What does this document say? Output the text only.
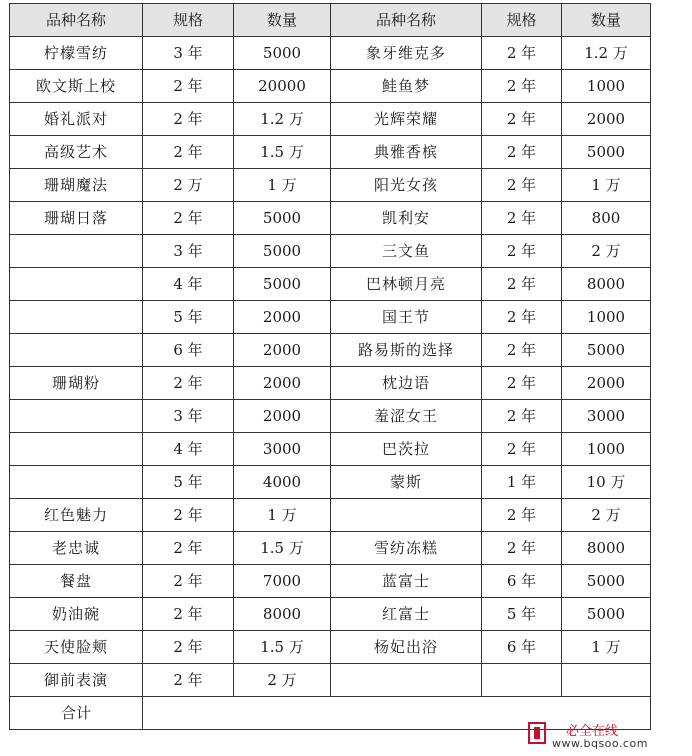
品种名称	规格	数量	品种名称	规格	数量
柠檬雪纺	3 年	5000	象牙维克多	2 年	1.2 万
欧文斯上校	2 年	20000	鲑鱼梦	2 年	1000
婚礼派对	2 年	1.2 万	光辉荣耀	2 年	2000
高级艺术	2 年	1.5 万	典雅香槟	2 年	5000
珊瑚魔法	2 万	1 万	阳光女孩	2 年	1 万
珊瑚日落	2 年	5000	凯利安	2 年	800
	3 年	5000	三文鱼	2 年	2 万
	4 年	5000	巴林顿月亮	2 年	8000
	5 年	2000	国王节	2 年	1000
	6 年	2000	路易斯的选择	2 年	5000
珊瑚粉	2 年	2000	枕边语	2 年	2000
	3 年	2000	羞涩女王	2 年	3000
	4 年	3000	巴茨拉	2 年	1000
	5 年	4000	蒙斯	1 年	10 万
红色魅力	2 年	1 万		2 年	2 万
老忠诚	2 年	1.5 万	雪纺冻糕	2 年	8000
餐盘	2 年	7000	蓝富士	6 年	5000
奶油碗	2 年	8000	红富士	5 年	5000
天使脸颊	2 年	1.5 万	杨妃出浴	6 年	1 万
御前表演	2 年	2 万			
合计					
必全在线
www.bqsoo.com
